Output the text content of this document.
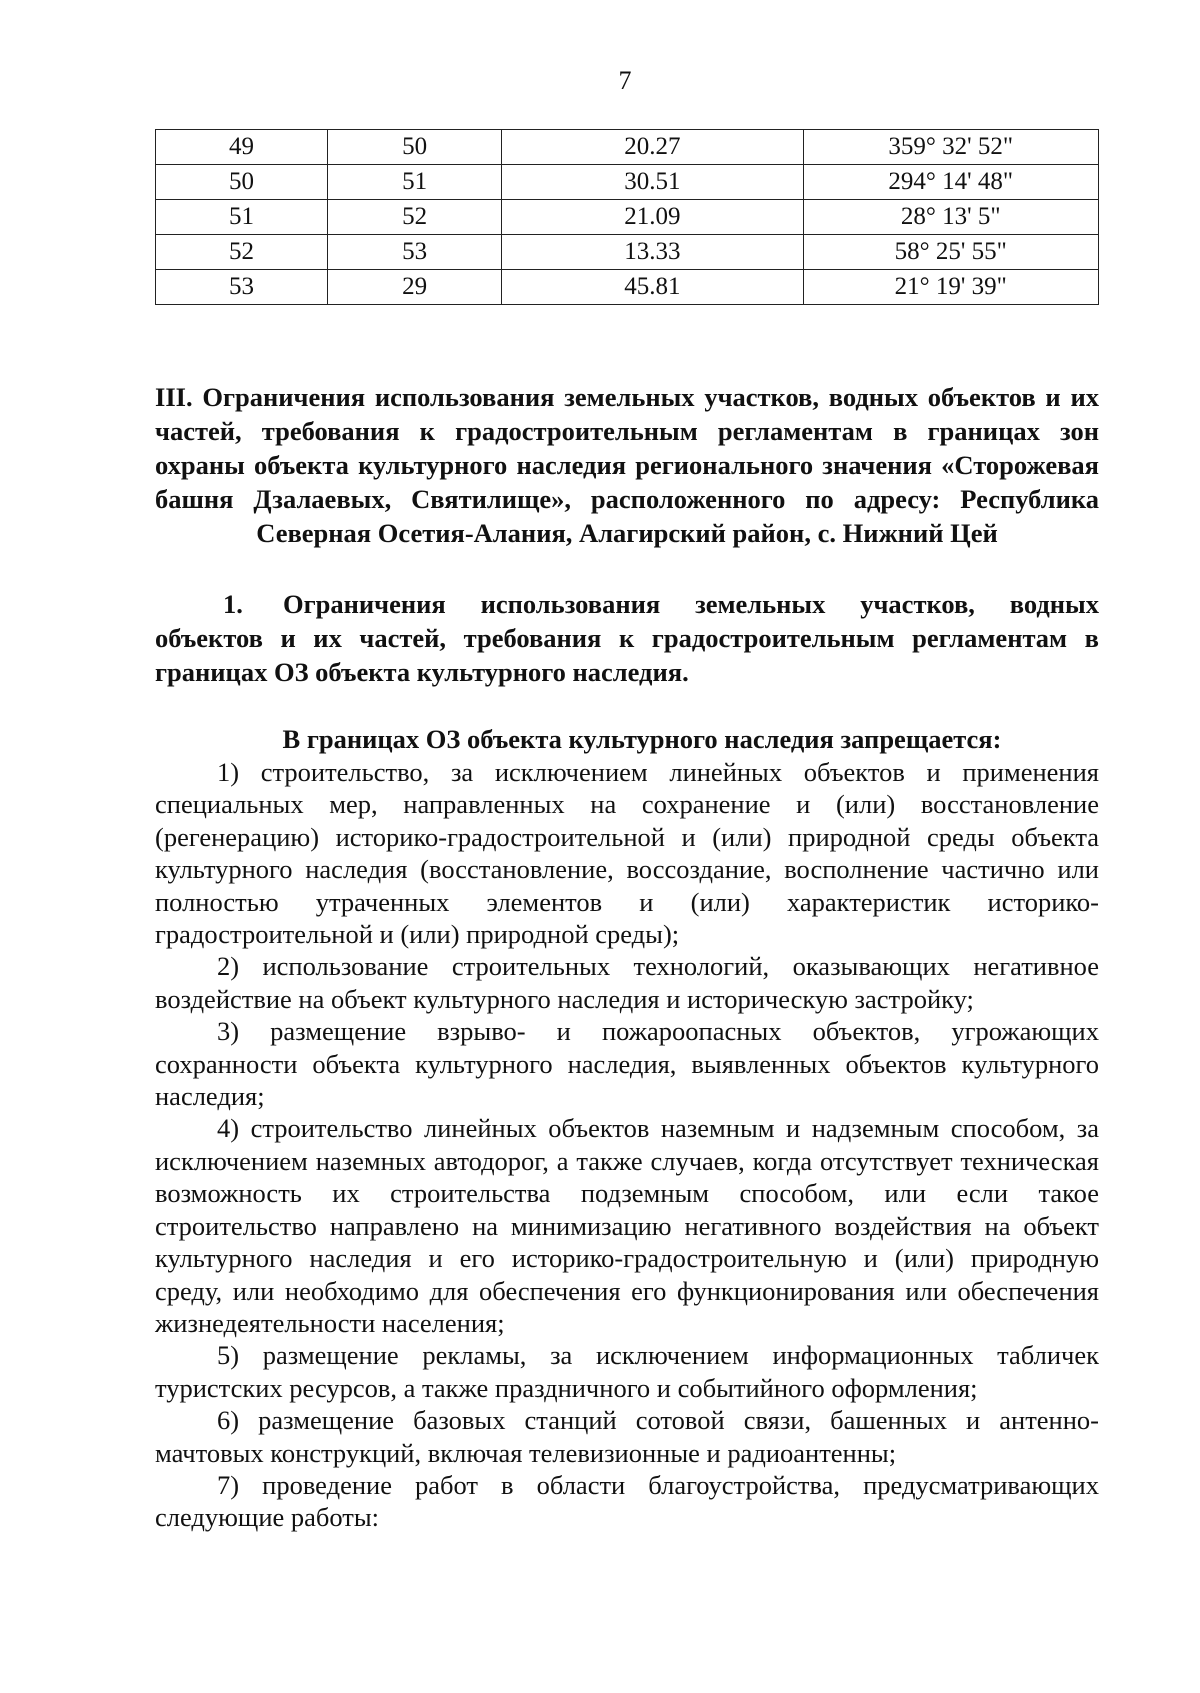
7
49	50	20.27	359° 32' 52"
50	51	30.51	294° 14' 48"
51	52	21.09	28° 13' 5"
52	53	13.33	58° 25' 55"
53	29	45.81	21° 19' 39"

III. Ограничения использования земельных участков, водных объектов и их частей, требования к градостроительным регламентам в границах зон охраны объекта культурного наследия регионального значения «Сторожевая башня Дзалаевых, Святилище», расположенного по адресу: Республика Северная Осетия-Алания, Алагирский район, с. Нижний Цей

1. Ограничения использования земельных участков, водных объектов и их частей, требования к градостроительным регламентам в границах ОЗ объекта культурного наследия.

В границах ОЗ объекта культурного наследия запрещается:

1) строительство, за исключением линейных объектов и применения специальных мер, направленных на сохранение и (или) восстановление (регенерацию) историко-градостроительной и (или) природной среды объекта культурного наследия (восстановление, воссоздание, восполнение частично или полностью утраченных элементов и (или) характеристик историко-градостроительной и (или) природной среды);

2) использование строительных технологий, оказывающих негативное воздействие на объект культурного наследия и историческую застройку;

3) размещение взрыво- и пожароопасных объектов, угрожающих сохранности объекта культурного наследия, выявленных объектов культурного наследия;

4) строительство линейных объектов наземным и надземным способом, за исключением наземных автодорог, а также случаев, когда отсутствует техническая возможность их строительства подземным способом, или если такое строительство направлено на минимизацию негативного воздействия на объект культурного наследия и его историко-градостроительную и (или) природную среду, или необходимо для обеспечения его функционирования или обеспечения жизнедеятельности населения;

5) размещение рекламы, за исключением информационных табличек туристских ресурсов, а также праздничного и событийного оформления;

6) размещение базовых станций сотовой связи, башенных и антенно-мачтовых конструкций, включая телевизионные и радиоантенны;

7) проведение работ в области благоустройства, предусматривающих следующие работы:
